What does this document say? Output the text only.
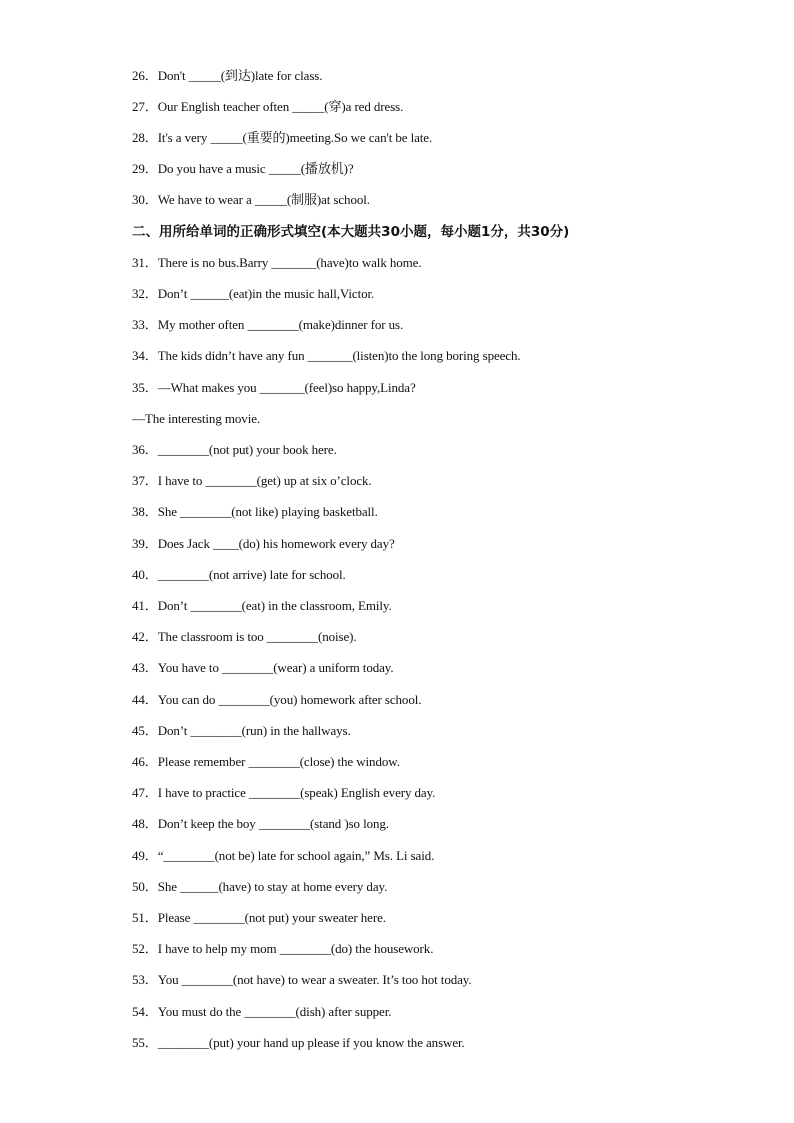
26．Don't _____(到达)late for class.
27．Our English teacher often _____(穿)a red dress.
28．It's a very _____(重要的)meeting.So we can't be late.
29．Do you have a music _____(播放机)?
30．We have to wear a _____(制服)at school.
二、用所给单词的正确形式填空(本大题共30小题，每小题1分，共30分)
31．There is no bus.Barry _______(have)to walk home.
32．Don’t ______(eat)in the music hall,Victor.
33．My mother often ________(make)dinner for us.
34．The kids didn’t have any fun _______(listen)to the long boring speech.
35．—What makes you _______(feel)so happy,Linda?
—The interesting movie.
36．________(not put) your book here.
37．I have to ________(get) up at six o’clock.
38．She ________(not like) playing basketball.
39．Does Jack ____(do) his homework every day?
40．________(not arrive) late for school.
41．Don’t ________(eat) in the classroom, Emily.
42．The classroom is too ________(noise).
43．You have to ________(wear) a uniform today.
44．You can do ________(you) homework after school.
45．Don’t ________(run) in the hallways.
46．Please remember ________(close) the window.
47．I have to practice ________(speak) English every day.
48．Don’t keep the boy ________(stand )so long.
49．“________(not be) late for school again,” Ms. Li said.
50．She ______(have) to stay at home every day.
51．Please ________(not put) your sweater here.
52．I have to help my mom ________(do) the housework.
53．You ________(not have) to wear a sweater. It’s too hot today.
54．You must do the ________(dish) after supper.
55．________(put) your hand up please if you know the answer.
